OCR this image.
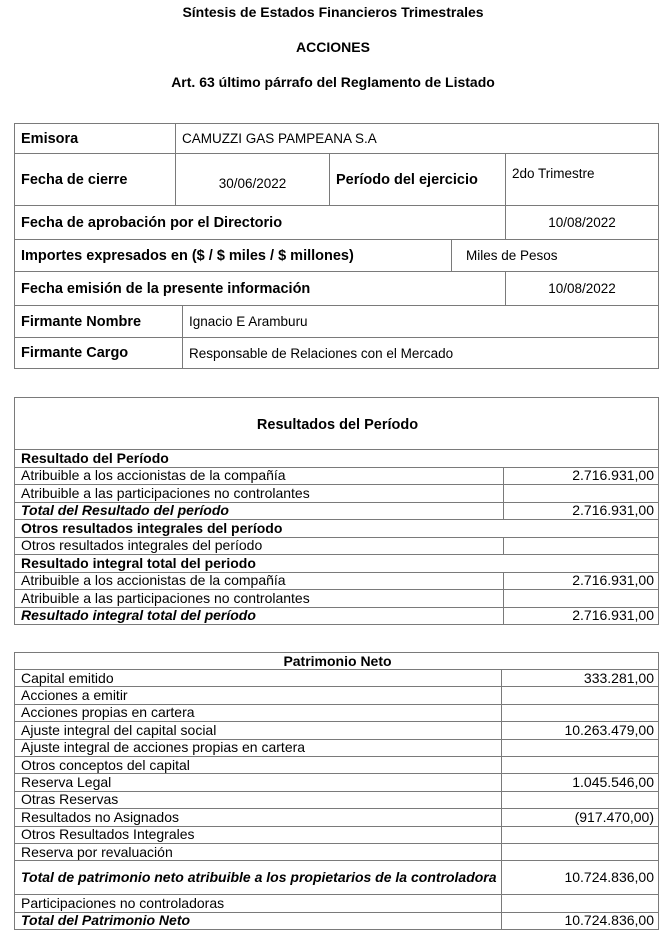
Síntesis de Estados Financieros Trimestrales
ACCIONES
Art. 63 último párrafo del Reglamento de Listado
Emisora	CAMUZZI GAS PAMPEANA S.A				
Fecha de cierre	30/06/2022		Período del ejercicio		2do Trimestre
Fecha de aprobación por el Directorio					10/08/2022
Importes expresados en ($ / $ miles / $ millones)				Miles de Pesos	
Fecha emisión de la presente información					10/08/2022
Firmante Nombre		Ignacio E Aramburu			
Firmante Cargo		Responsable de Relaciones con el Mercado			
Resultados del Período	
Resultado del Período	
Atribuible a los accionistas de la compañía	2.716.931,00
Atribuible a las participaciones no controlantes	
Total del Resultado del período	2.716.931,00
Otros resultados integrales del período	
Otros resultados integrales del período	
Resultado integral total del periodo	
Atribuible a los accionistas de la compañía	2.716.931,00
Atribuible a las participaciones no controlantes	
Resultado integral total del período	2.716.931,00
Patrimonio Neto	
Capital emitido	333.281,00
Acciones a emitir	
Acciones propias en cartera	
Ajuste integral del capital social	10.263.479,00
Ajuste integral de acciones propias en cartera	
Otros conceptos del capital	
Reserva Legal	1.045.546,00
Otras Reservas	
Resultados no Asignados	(917.470,00)
Otros Resultados Integrales	
Reserva por revaluación	
Total de patrimonio neto atribuible a los propietarios de la controladora	10.724.836,00
Participaciones no controladoras	
Total del Patrimonio Neto	10.724.836,00
